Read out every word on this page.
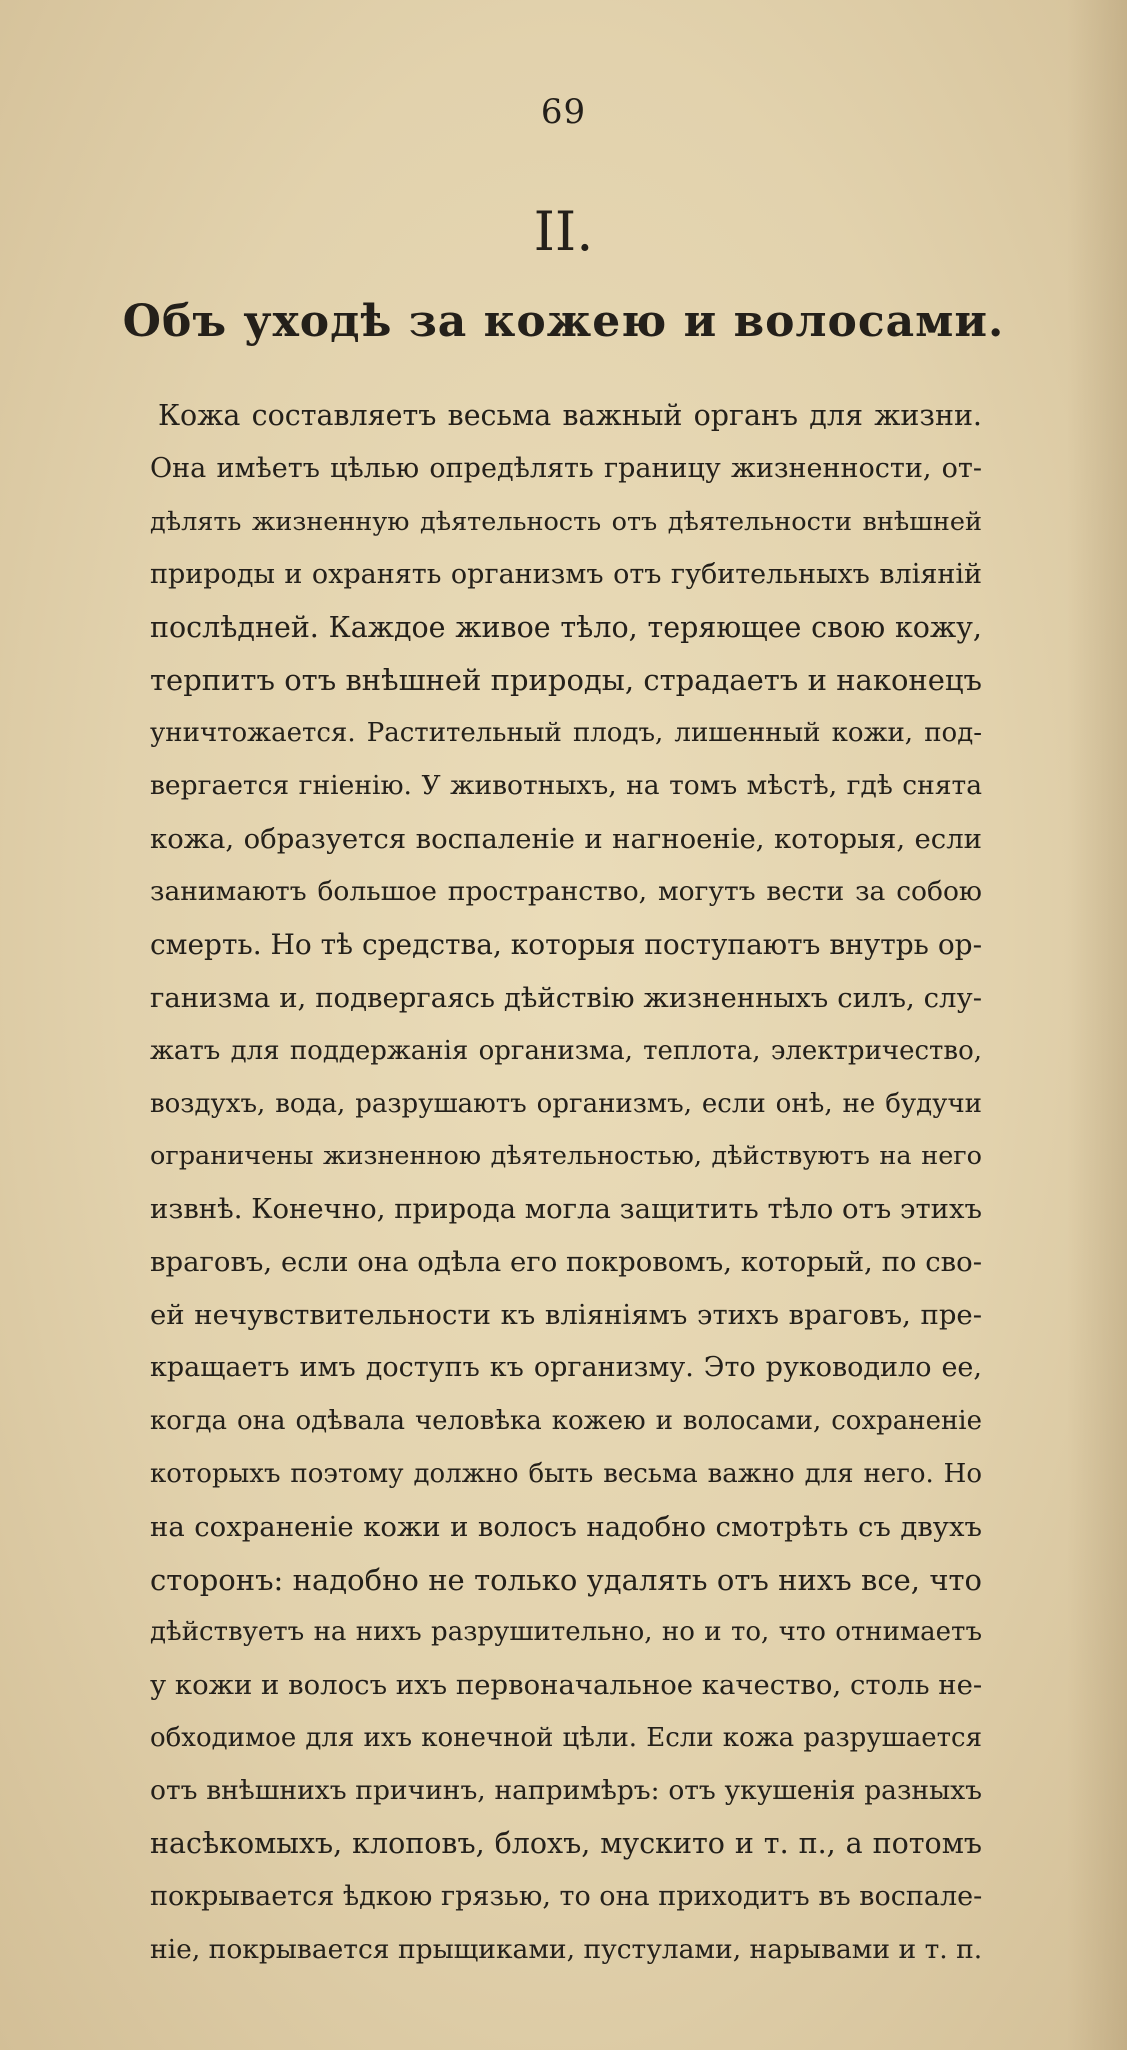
69
II.
Объ уходѣ за кожею и волосами.
Кожа составляетъ весьма важный органъ для жизни.
Она имѣетъ цѣлью опредѣлять границу жизненности, от-
дѣлять жизненную дѣятельность отъ дѣятельности внѣшней
природы и охранять организмъ отъ губительныхъ вліяній
послѣдней. Каждое живое тѣло, теряющее свою кожу,
терпитъ отъ внѣшней природы, страдаетъ и наконецъ
уничтожается. Растительный плодъ, лишенный кожи, под-
вергается гніенію. У животныхъ, на томъ мѣстѣ, гдѣ снята
кожа, образуется воспаленіе и нагноеніе, которыя, если
занимаютъ большое пространство, могутъ вести за собою
смерть. Но тѣ средства, которыя поступаютъ внутрь ор-
ганизма и, подвергаясь дѣйствію жизненныхъ силъ, слу-
жатъ для поддержанія организма, теплота, электричество,
воздухъ, вода, разрушаютъ организмъ, если онѣ, не будучи
ограничены жизненною дѣятельностью, дѣйствуютъ на него
извнѣ. Конечно, природа могла защитить тѣло отъ этихъ
враговъ, если она одѣла его покровомъ, который, по сво-
ей нечувствительности къ вліяніямъ этихъ враговъ, пре-
кращаетъ имъ доступъ къ организму. Это руководило ее,
когда она одѣвала человѣка кожею и волосами, сохраненіе
которыхъ поэтому должно быть весьма важно для него. Но
на сохраненіе кожи и волосъ надобно смотрѣть съ двухъ
сторонъ: надобно не только удалять отъ нихъ все, что
дѣйствуетъ на нихъ разрушительно, но и то, что отнимаетъ
у кожи и волосъ ихъ первоначальное качество, столь не-
обходимое для ихъ конечной цѣли. Если кожа разрушается
отъ внѣшнихъ причинъ, напримѣръ: отъ укушенія разныхъ
насѣкомыхъ, клоповъ, блохъ, мускито и т. п., а потомъ
покрывается ѣдкою грязью, то она приходитъ въ воспале-
ніе, покрывается прыщиками, пустулами, нарывами и т. п.
